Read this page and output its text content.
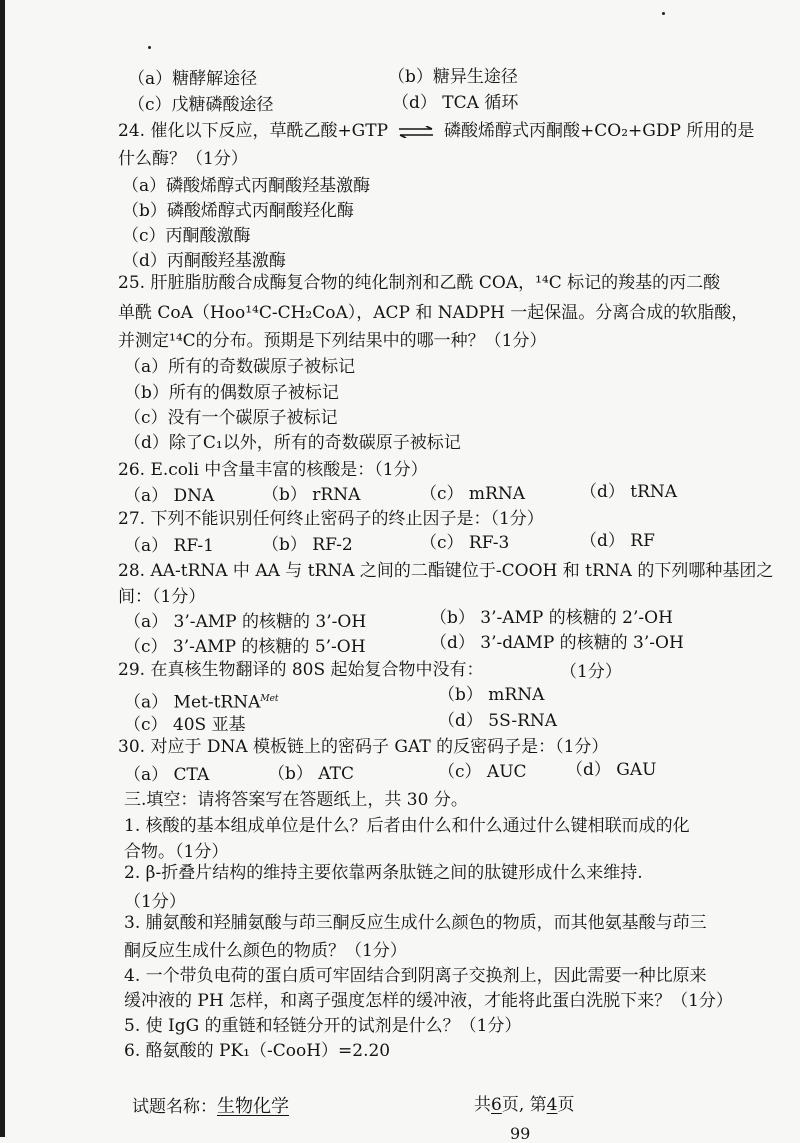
（a）糖酵解途径	（b）糖异生途径
（c）戊糖磷酸途径	（d） TCA 循环
24. 催化以下反应，草酰乙酸+GTP ⇌ 磷酸烯醇式丙酮酸+CO₂+GDP 所用的是
什么酶？（1分）
（a）磷酸烯醇式丙酮酸羟基激酶
（b）磷酸烯醇式丙酮酸羟化酶
（c）丙酮酸激酶
（d）丙酮酸羟基激酶
25. 肝脏脂肪酸合成酶复合物的纯化制剂和乙酰 COA，¹⁴C 标记的羧基的丙二酸
单酰 CoA（Hoo¹⁴C-CH₂CoA），ACP 和 NADPH 一起保温。分离合成的软脂酸，
并测定¹⁴C的分布。预期是下列结果中的哪一种？（1分）
（a）所有的奇数碳原子被标记
（b）所有的偶数原子被标记
（c）没有一个碳原子被标记
（d）除了C₁以外，所有的奇数碳原子被标记
26. E.coli 中含量丰富的核酸是：（1分）
（a） DNA	（b） rRNA	（c） mRNA	（d） tRNA
27. 下列不能识别任何终止密码子的终止因子是：（1分）
（a） RF-1	（b） RF-2	（c） RF-3	（d） RF
28. AA-tRNA 中 AA 与 tRNA 之间的二酯键位于-COOH 和 tRNA 的下列哪种基团之
间：（1分）
（a） 3’-AMP 的核糖的 3’-OH	（b） 3’-AMP 的核糖的 2’-OH
（c） 3’-AMP 的核糖的 5’-OH	（d） 3’-dAMP 的核糖的 3’-OH
29. 在真核生物翻译的 80S 起始复合物中没有：	（1分）
（a） Met-tRNA$^{Met}$	（b） mRNA
（c） 40S 亚基	（d） 5S-RNA
30. 对应于 DNA 模板链上的密码子 GAT 的反密码子是：（1分）
（a） CTA	（b） ATC	（c） AUC （d） GAU
三.填空：请将答案写在答题纸上，共 30 分。
1. 核酸的基本组成单位是什么？后者由什么和什么通过什么键相联而成的化
合物。（1分）
2. β-折叠片结构的维持主要依靠两条肽链之间的肽键形成什么来维持.
（1分）
3. 脯氨酸和羟脯氨酸与茚三酮反应生成什么颜色的物质，而其他氨基酸与茚三
酮反应生成什么颜色的物质？（1分）
4. 一个带负电荷的蛋白质可牢固结合到阴离子交换剂上，因此需要一种比原来
缓冲液的 PH 怎样，和离子强度怎样的缓冲液，才能将此蛋白洗脱下来？（1分）
5. 使 IgG 的重链和轻链分开的试剂是什么？（1分）
6. 酪氨酸的 PK₁（-CooH）=2.20
试题名称：生物化学	共6页, 第4页
99
